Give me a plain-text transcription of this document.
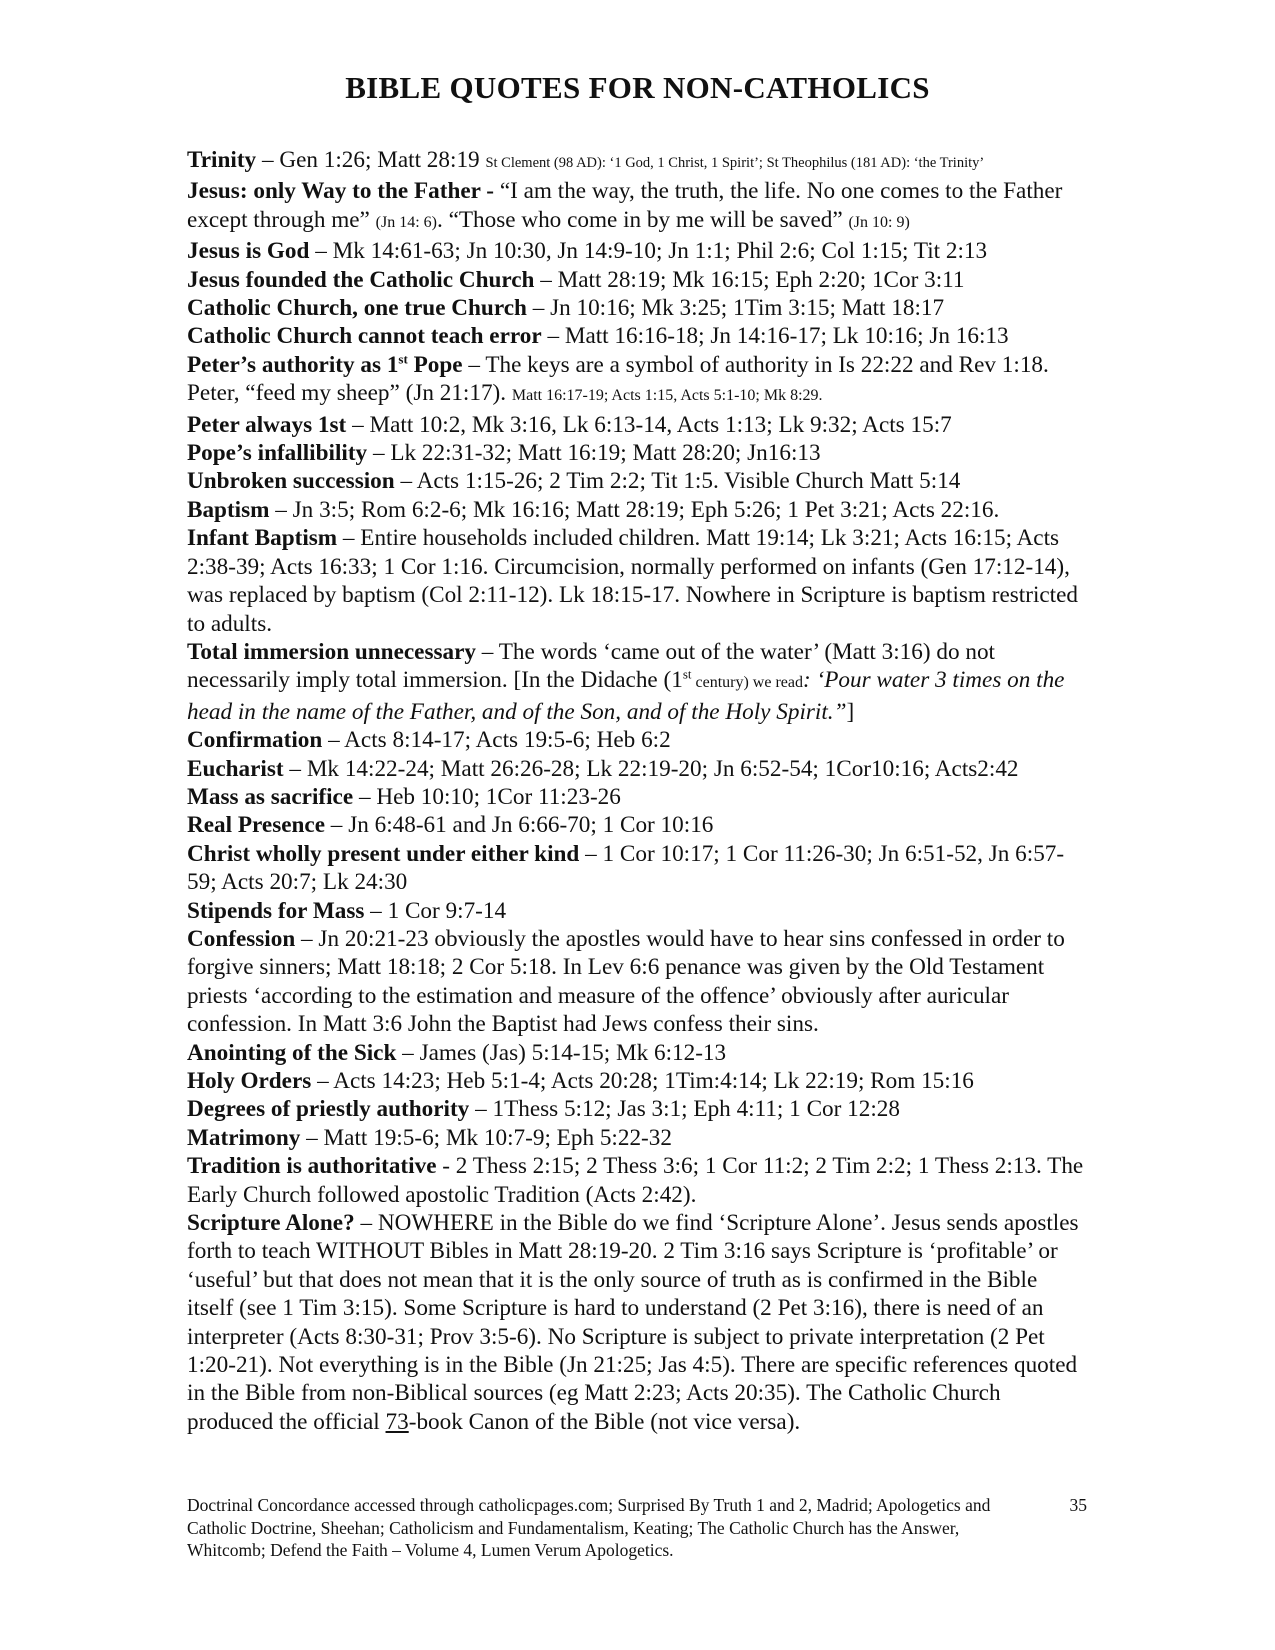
BIBLE QUOTES FOR NON-CATHOLICS

Trinity – Gen 1:26; Matt 28:19 St Clement (98 AD): ‘1 God, 1 Christ, 1 Spirit’; St Theophilus (181 AD): ‘the Trinity’

Jesus: only Way to the Father - “I am the way, the truth, the life. No one comes to the Father except through me” (Jn 14: 6). “Those who come in by me will be saved” (Jn 10: 9)

Jesus is God – Mk 14:61-63; Jn 10:30, Jn 14:9-10; Jn 1:1; Phil 2:6; Col 1:15; Tit 2:13

Jesus founded the Catholic Church – Matt 28:19; Mk 16:15; Eph 2:20; 1Cor 3:11

Catholic Church, one true Church – Jn 10:16; Mk 3:25; 1Tim 3:15; Matt 18:17

Catholic Church cannot teach error – Matt 16:16-18; Jn 14:16-17; Lk 10:16; Jn 16:13

Peter’s authority as 1st Pope – The keys are a symbol of authority in Is 22:22 and Rev 1:18. Peter, “feed my sheep” (Jn 21:17). Matt 16:17-19; Acts 1:15, Acts 5:1-10; Mk 8:29.

Peter always 1st – Matt 10:2, Mk 3:16, Lk 6:13-14, Acts 1:13; Lk 9:32; Acts 15:7

Pope’s infallibility – Lk 22:31-32; Matt 16:19; Matt 28:20; Jn16:13

Unbroken succession – Acts 1:15-26; 2 Tim 2:2; Tit 1:5. Visible Church Matt 5:14

Baptism – Jn 3:5; Rom 6:2-6; Mk 16:16; Matt 28:19; Eph 5:26; 1 Pet 3:21; Acts 22:16.

Infant Baptism – Entire households included children. Matt 19:14; Lk 3:21; Acts 16:15; Acts 2:38-39; Acts 16:33; 1 Cor 1:16. Circumcision, normally performed on infants (Gen 17:12-14), was replaced by baptism (Col 2:11-12). Lk 18:15-17. Nowhere in Scripture is baptism restricted to adults.

Total immersion unnecessary – The words ‘came out of the water’ (Matt 3:16) do not necessarily imply total immersion. [In the Didache (1st century) we read: ‘Pour water 3 times on the head in the name of the Father, and of the Son, and of the Holy Spirit.”]

Confirmation – Acts 8:14-17; Acts 19:5-6; Heb 6:2

Eucharist – Mk 14:22-24; Matt 26:26-28; Lk 22:19-20; Jn 6:52-54; 1Cor10:16; Acts2:42

Mass as sacrifice – Heb 10:10; 1Cor 11:23-26

Real Presence – Jn 6:48-61 and Jn 6:66-70; 1 Cor 10:16

Christ wholly present under either kind – 1 Cor 10:17; 1 Cor 11:26-30; Jn 6:51-52, Jn 6:57-59; Acts 20:7; Lk 24:30

Stipends for Mass – 1 Cor 9:7-14

Confession – Jn 20:21-23 obviously the apostles would have to hear sins confessed in order to forgive sinners; Matt 18:18; 2 Cor 5:18. In Lev 6:6 penance was given by the Old Testament priests ‘according to the estimation and measure of the offence’ obviously after auricular confession. In Matt 3:6 John the Baptist had Jews confess their sins.

Anointing of the Sick – James (Jas) 5:14-15; Mk 6:12-13

Holy Orders – Acts 14:23; Heb 5:1-4; Acts 20:28; 1Tim:4:14; Lk 22:19; Rom 15:16

Degrees of priestly authority – 1Thess 5:12; Jas 3:1; Eph 4:11; 1 Cor 12:28

Matrimony – Matt 19:5-6; Mk 10:7-9; Eph 5:22-32

Tradition is authoritative - 2 Thess 2:15; 2 Thess 3:6; 1 Cor 11:2; 2 Tim 2:2; 1 Thess 2:13. The Early Church followed apostolic Tradition (Acts 2:42).

Scripture Alone? – NOWHERE in the Bible do we find ‘Scripture Alone’. Jesus sends apostles forth to teach WITHOUT Bibles in Matt 28:19-20. 2 Tim 3:16 says Scripture is ‘profitable’ or ‘useful’ but that does not mean that it is the only source of truth as is confirmed in the Bible itself (see 1 Tim 3:15). Some Scripture is hard to understand (2 Pet 3:16), there is need of an interpreter (Acts 8:30-31; Prov 3:5-6). No Scripture is subject to private interpretation (2 Pet 1:20-21). Not everything is in the Bible (Jn 21:25; Jas 4:5). There are specific references quoted in the Bible from non-Biblical sources (eg Matt 2:23; Acts 20:35). The Catholic Church produced the official 73-book Canon of the Bible (not vice versa).

35
Doctrinal Concordance accessed through catholicpages.com; Surprised By Truth 1 and 2, Madrid; Apologetics and Catholic Doctrine, Sheehan; Catholicism and Fundamentalism, Keating; The Catholic Church has the Answer, Whitcomb; Defend the Faith – Volume 4, Lumen Verum Apologetics.
